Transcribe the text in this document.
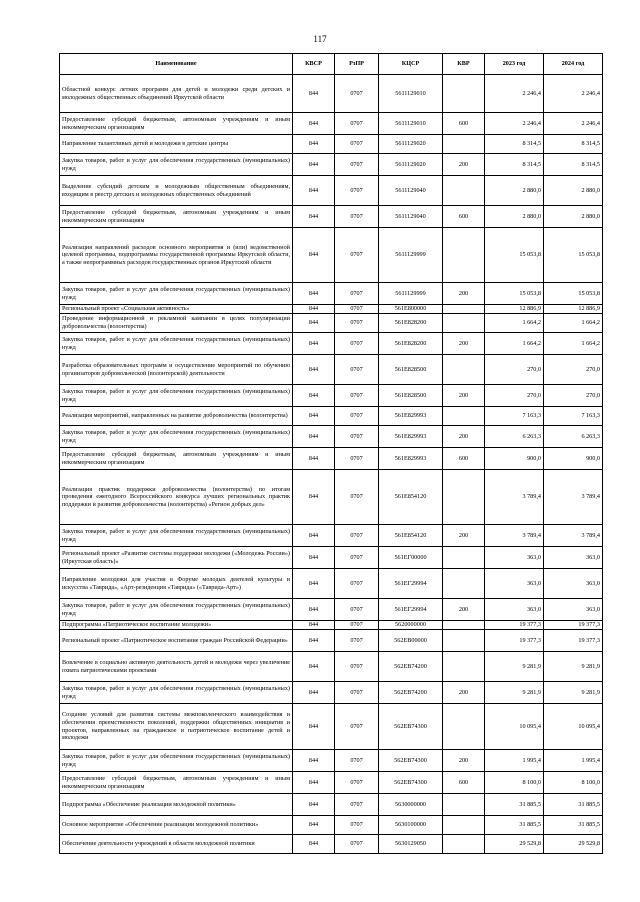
117
Наименование	КВСР	РзПР	КЦСР	КВР	2023 год	2024 год
Областной конкурс летних программ для детей и молодежи среди детских и молодежных общественных объединений Иркутской области	844	0707	5611129010		2 246,4	2 246,4
Предоставление субсидий бюджетным, автономным учреждениям и иным некоммерческим организациям	844	0707	5611129010	600	2 246,4	2 246,4
Направление талантливых детей и молодежи в детские центры	844	0707	5611129020		8 314,5	8 314,5
Закупка товаров, работ и услуг для обеспечения государственных (муниципальных) нужд	844	0707	5611129020	200	8 314,5	8 314,5
Выделение субсидий детским и молодежным общественным объединениям, входящим в реестр детских и молодежных общественных объединений	844	0707	5611129040		2 880,0	2 880,0
Предоставление субсидий бюджетным, автономным учреждениям и иным некоммерческим организациям	844	0707	5611129040	600	2 880,0	2 880,0
Реализация направлений расходов основного мероприятия и (или) ведомственной целевой программы, подпрограммы государственной программы Иркутской области, а также непрограммных расходов государственных органов Иркутской области	844	0707	5611129999		15 053,8	15 053,8
Закупка товаров, работ и услуг для обеспечения государственных (муниципальных) нужд	844	0707	5611129999	200	15 053,8	15 053,8
Региональный проект «Социальная активность»	844	0707	561E800000		12 886,9	12 886,9
Проведение информационной и рекламной кампании в целях популяризации добровольчества (волонтерства)	844	0707	561E828200		1 664,2	1 664,2
Закупка товаров, работ и услуг для обеспечения государственных (муниципальных) нужд	844	0707	561E828200	200	1 664,2	1 664,2
Разработка образовательных программ и осуществление мероприятий по обучению организаторов добровольческой (волонтерской) деятельности	844	0707	561E828500		270,0	270,0
Закупка товаров, работ и услуг для обеспечения государственных (муниципальных) нужд	844	0707	561E828500	200	270,0	270,0
Реализация мероприятий, направленных на развитие добровольчества (волонтерства)	844	0707	561E829993		7 163,3	7 163,3
Закупка товаров, работ и услуг для обеспечения государственных (муниципальных) нужд	844	0707	561E829993	200	6 263,3	6 263,3
Предоставление субсидий бюджетным, автономным учреждениям и иным некоммерческим организациям	844	0707	561E829993	600	900,0	900,0
Реализация практик поддержки добровольчества (волонтерства) по итогам проведения ежегодного Всероссийского конкурса лучших региональных практик поддержки и развития добровольчества (волонтерства) «Регион добрых дел»	844	0707	561E854120		3 789,4	3 789,4
Закупка товаров, работ и услуг для обеспечения государственных (муниципальных) нужд	844	0707	561E854120	200	3 789,4	3 789,4
Региональный проект «Развитие системы поддержки молодежи («Молодежь России») (Иркутская область)»	844	0707	561EГ00000		363,0	363,0
Направление молодежи для участия в Форуме молодых деятелей культуры и искусства «Таврида», «Арт-резиденция «Таврида» («Таврида-Арт»)	844	0707	561EГ29994		363,0	363,0
Закупка товаров, работ и услуг для обеспечения государственных (муниципальных) нужд	844	0707	561EГ29994	200	363,0	363,0
Подпрограмма «Патриотическое воспитание молодежи»	844	0707	5620000000		19 377,3	19 377,3
Региональный проект «Патриотическое воспитание граждан Российской Федерации»	844	0707	562EB00000		19 377,3	19 377,3
Вовлечение в социально активную деятельность детей и молодежи через увеличение охвата патриотическими проектами	844	0707	562EB74200		9 281,9	9 281,9
Закупка товаров, работ и услуг для обеспечения государственных (муниципальных) нужд	844	0707	562EB74200	200	9 281,9	9 281,9
Создание условий для развития системы межпоколенческого взаимодействия и обеспечения преемственности поколений, поддержки общественных инициатив и проектов, направленных на гражданское и патриотическое воспитание детей и молодежи	844	0707	562EB74300		10 095,4	10 095,4
Закупка товаров, работ и услуг для обеспечения государственных (муниципальных) нужд	844	0707	562EB74300	200	1 995,4	1 995,4
Предоставление субсидий бюджетным, автономным учреждениям и иным некоммерческим организациям	844	0707	562EB74300	600	8 100,0	8 100,0
Подпрограмма «Обеспечение реализации молодежной политики»	844	0707	5630000000		31 885,5	31 885,5
Основное мероприятие «Обеспечение реализации молодежной политики»	844	0707	5630100000		31 885,5	31 885,5
Обеспечение деятельности учреждений в области молодежной политики	844	0707	5630129050		29 529,8	29 529,8
